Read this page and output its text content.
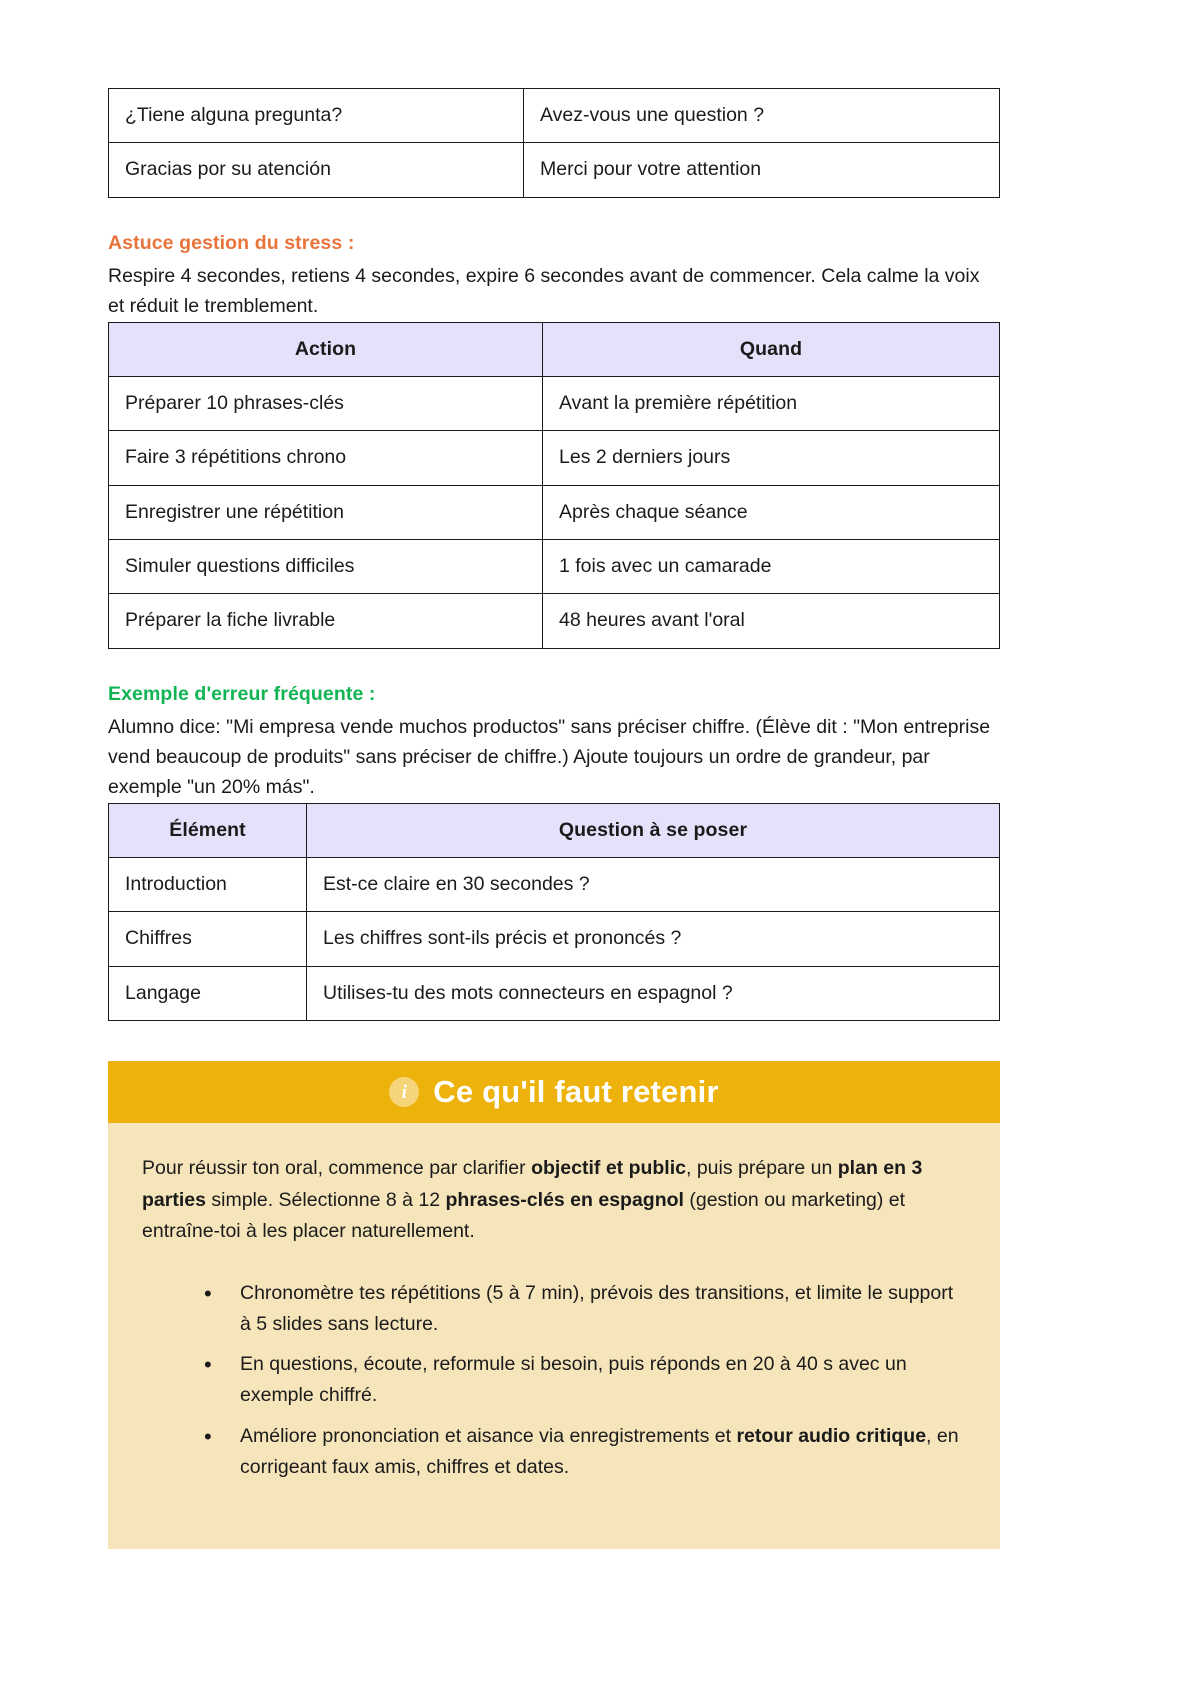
¿Tiene alguna pregunta?	Avez-vous une question ?
Gracias por su atención	Merci pour votre attention
Astuce gestion du stress :

Respire 4 secondes, retiens 4 secondes, expire 6 secondes avant de commencer. Cela calme la voix et réduit le tremblement.

Action	Quand
Préparer 10 phrases-clés	Avant la première répétition
Faire 3 répétitions chrono	Les 2 derniers jours
Enregistrer une répétition	Après chaque séance
Simuler questions difficiles	1 fois avec un camarade
Préparer la fiche livrable	48 heures avant l'oral
Exemple d'erreur fréquente :

Alumno dice: "Mi empresa vende muchos productos" sans préciser chiffre. (Élève dit : "Mon entreprise vend beaucoup de produits" sans préciser de chiffre.) Ajoute toujours un ordre de grandeur, par exemple "un 20% más".

Élément	Question à se poser
Introduction	Est-ce claire en 30 secondes ?
Chiffres	Les chiffres sont-ils précis et prononcés ?
Langage	Utilises-tu des mots connecteurs en espagnol ?
i Ce qu'il faut retenir

Pour réussir ton oral, commence par clarifier objectif et public, puis prépare un plan en 3 parties simple. Sélectionne 8 à 12 phrases-clés en espagnol (gestion ou marketing) et entraîne-toi à les placer naturellement.

• Chronomètre tes répétitions (5 à 7 min), prévois des transitions, et limite le support à 5 slides sans lecture.
• En questions, écoute, reformule si besoin, puis réponds en 20 à 40 s avec un exemple chiffré.
• Améliore prononciation et aisance via enregistrements et retour audio critique, en corrigeant faux amis, chiffres et dates.
